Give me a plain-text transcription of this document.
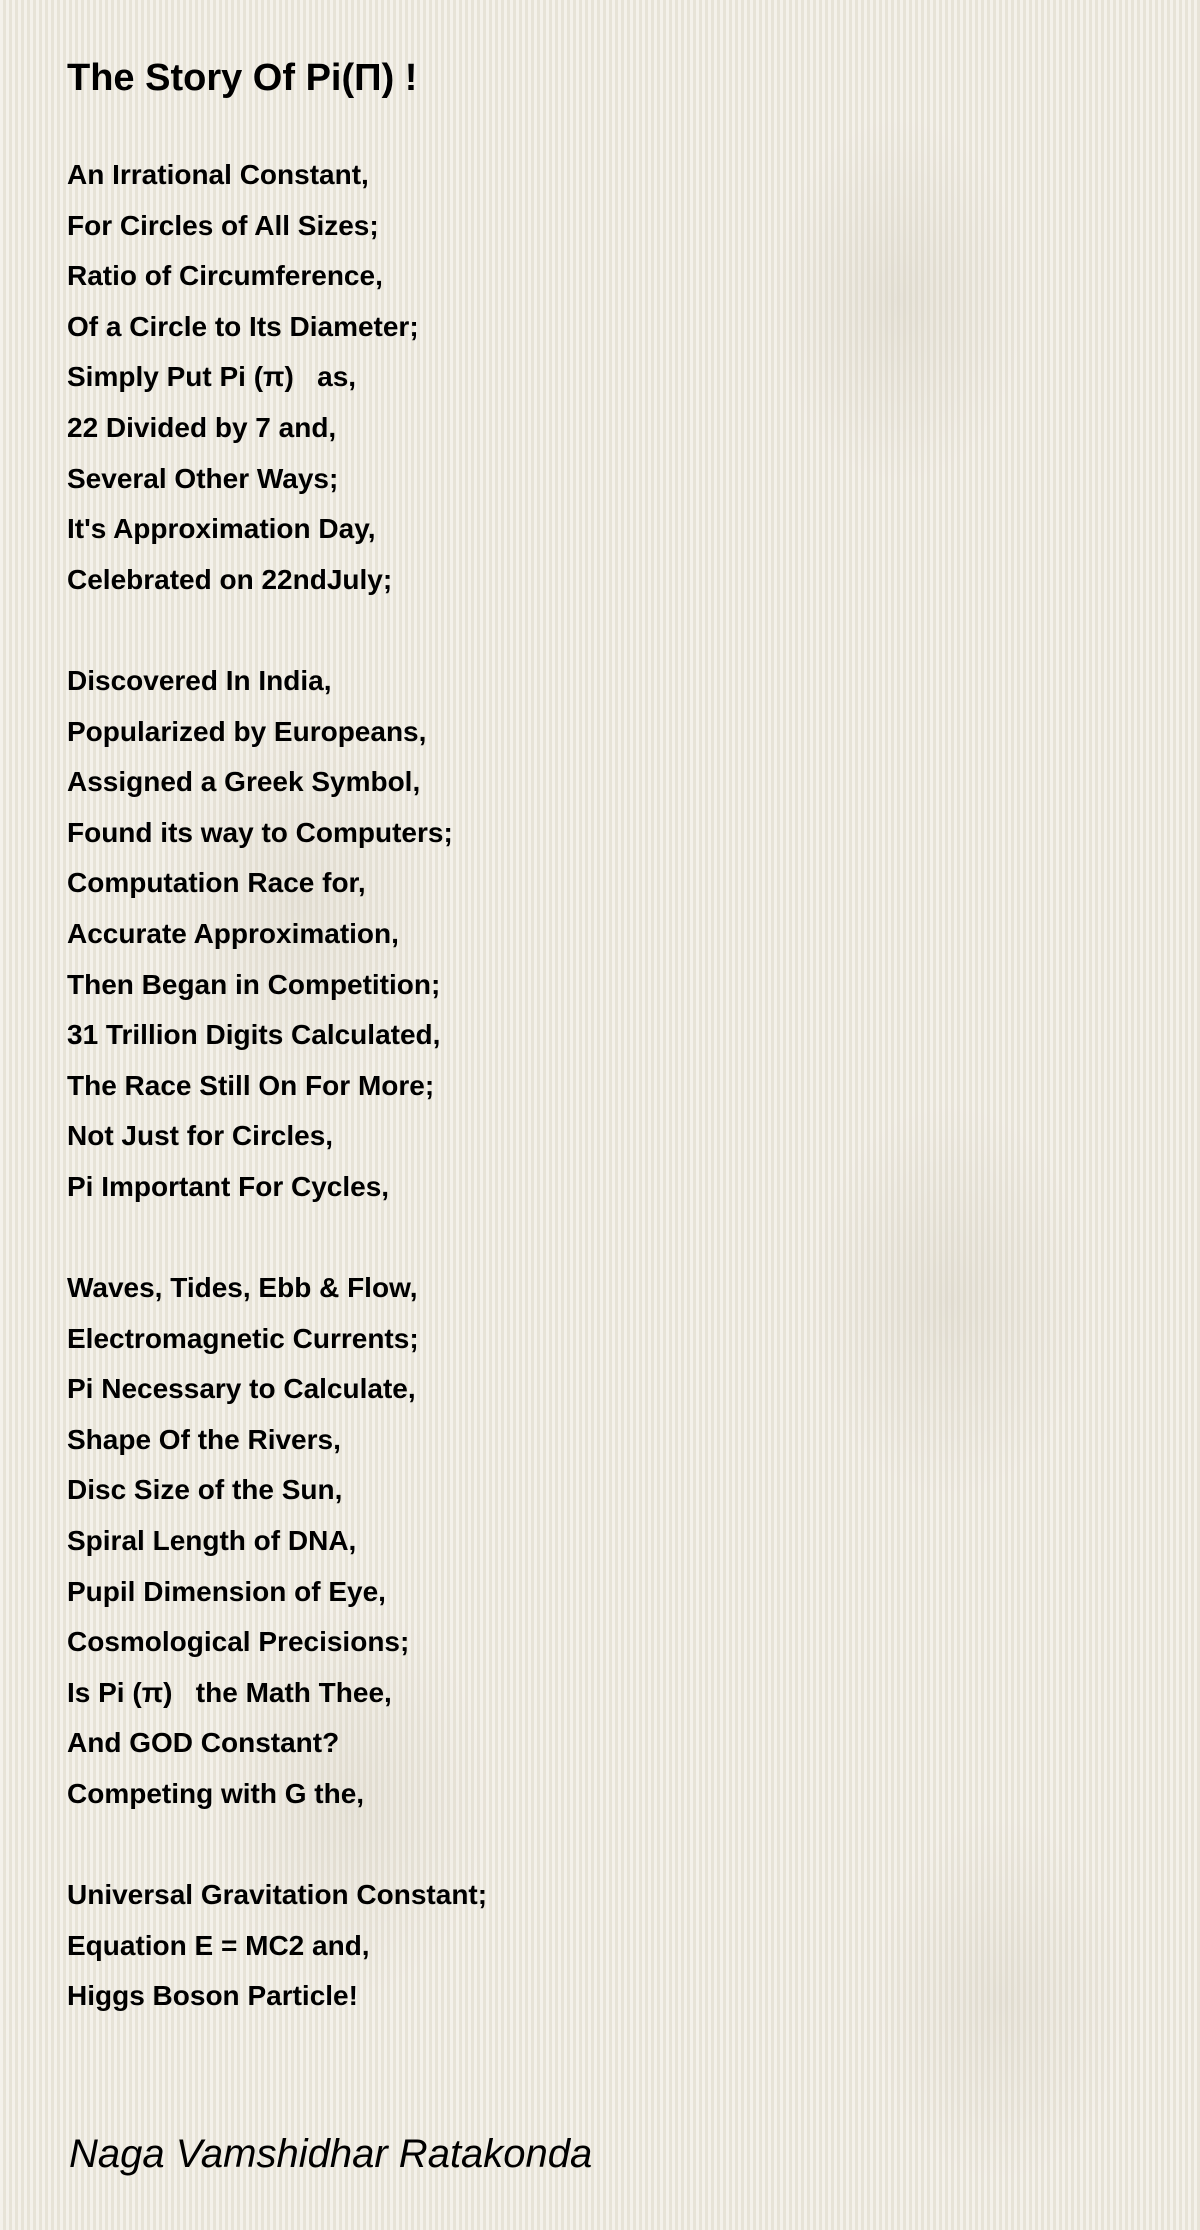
The Story Of Pi(Π) !
An Irrational Constant,
For Circles of All Sizes;
Ratio of Circumference,
Of a Circle to Its Diameter;
Simply Put Pi (π)   as,
22 Divided by 7 and,
Several Other Ways;
It's Approximation Day,
Celebrated on 22ndJuly;
Discovered In India,
Popularized by Europeans,
Assigned a Greek Symbol,
Found its way to Computers;
Computation Race for,
Accurate Approximation,
Then Began in Competition;
31 Trillion Digits Calculated,
The Race Still On For More;
Not Just for Circles,
Pi Important For Cycles,
Waves, Tides, Ebb & Flow,
Electromagnetic Currents;
Pi Necessary to Calculate,
Shape Of the Rivers,
Disc Size of the Sun,
Spiral Length of DNA,
Pupil Dimension of Eye,
Cosmological Precisions;
Is Pi (π)   the Math Thee,
And GOD Constant?
Competing with G the,
Universal Gravitation Constant;
Equation E = MC2 and,
Higgs Boson Particle!
Naga Vamshidhar Ratakonda
